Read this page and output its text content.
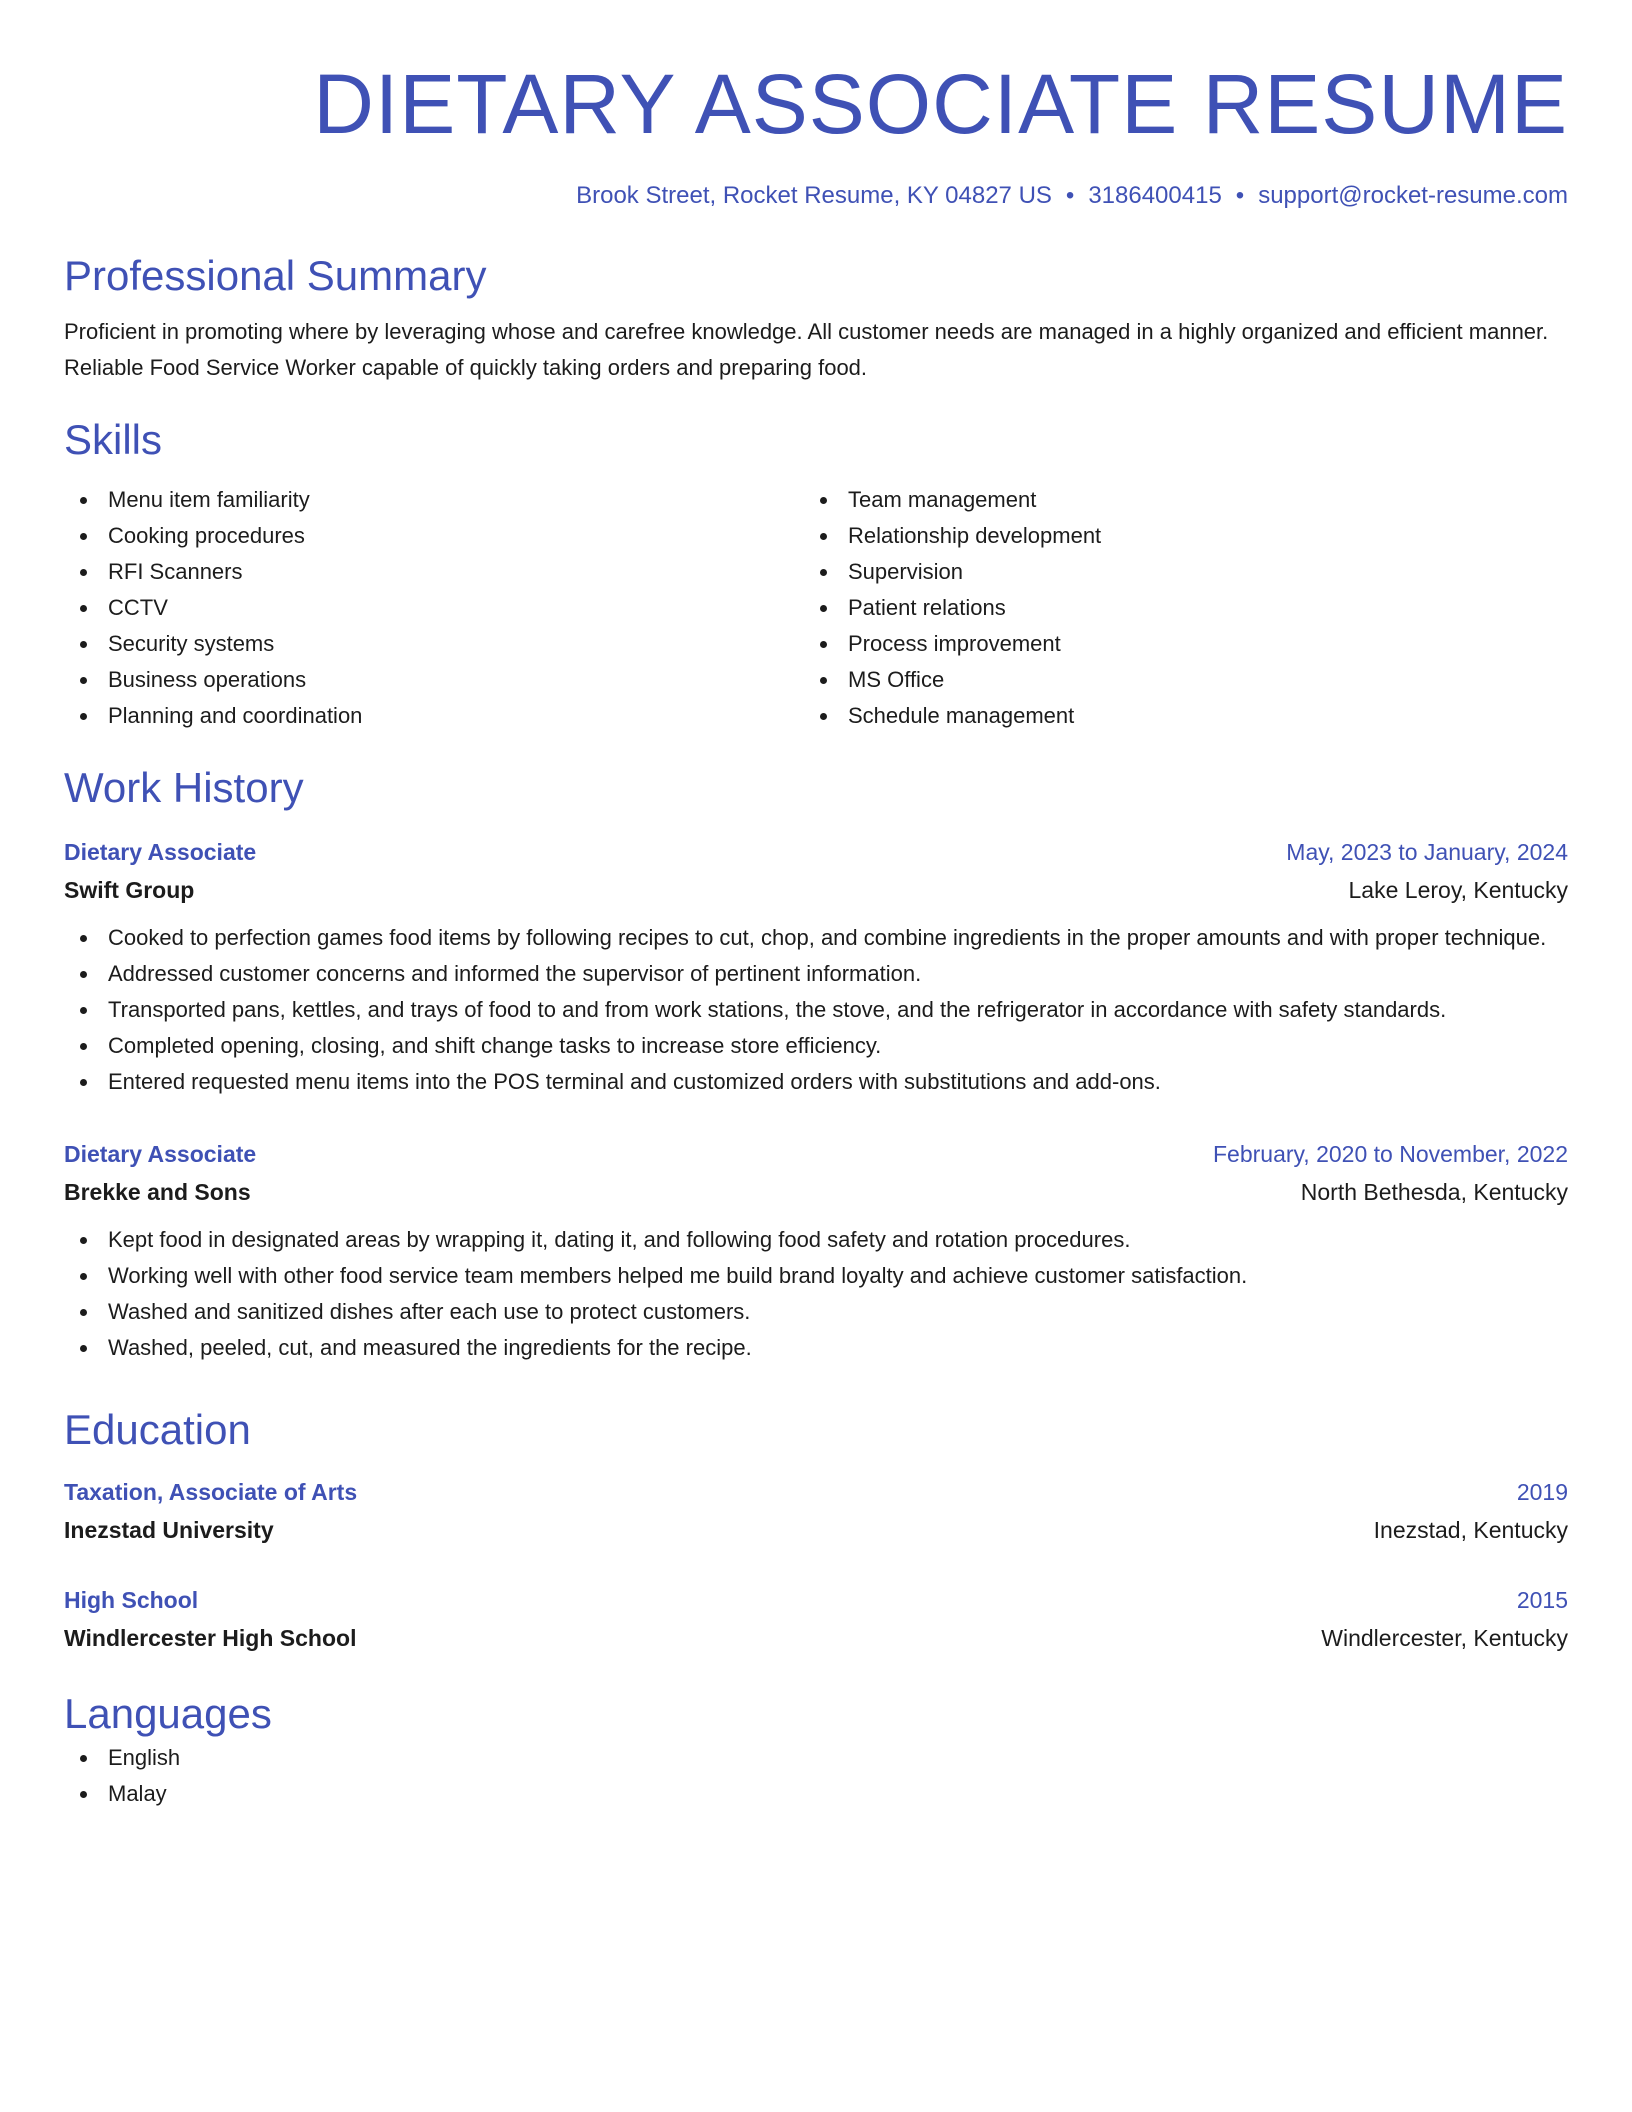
DIETARY ASSOCIATE RESUME
Brook Street, Rocket Resume, KY 04827 US • 3186400415 • support@rocket-resume.com
Professional Summary

Proficient in promoting where by leveraging whose and carefree knowledge. All customer needs are managed in a highly organized and efficient manner. Reliable Food Service Worker capable of quickly taking orders and preparing food.

Skills
Menu item familiarity
Cooking procedures
RFI Scanners
CCTV
Security systems
Business operations
Planning and coordination
Team management
Relationship development
Supervision
Patient relations
Process improvement
MS Office
Schedule management
Work History
Dietary Associate	May, 2023 to January, 2024
Swift Group	Lake Leroy, Kentucky
Cooked to perfection games food items by following recipes to cut, chop, and combine ingredients in the proper amounts and with proper technique.
Addressed customer concerns and informed the supervisor of pertinent information.
Transported pans, kettles, and trays of food to and from work stations, the stove, and the refrigerator in accordance with safety standards.
Completed opening, closing, and shift change tasks to increase store efficiency.
Entered requested menu items into the POS terminal and customized orders with substitutions and add-ons.
Dietary Associate	February, 2020 to November, 2022
Brekke and Sons	North Bethesda, Kentucky
Kept food in designated areas by wrapping it, dating it, and following food safety and rotation procedures.
Working well with other food service team members helped me build brand loyalty and achieve customer satisfaction.
Washed and sanitized dishes after each use to protect customers.
Washed, peeled, cut, and measured the ingredients for the recipe.
Education
Taxation, Associate of Arts	2019
Inezstad University	Inezstad, Kentucky
High School	2015
Windlercester High School	Windlercester, Kentucky
Languages
English
Malay
